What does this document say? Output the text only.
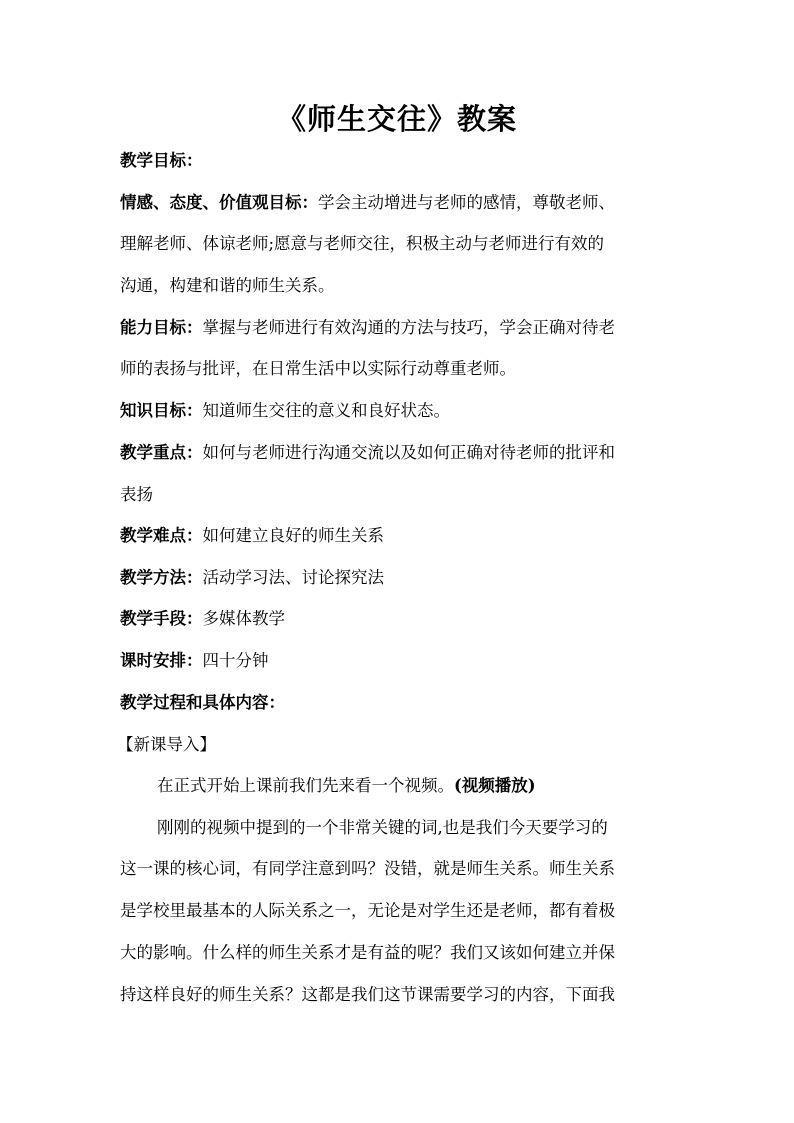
《师生交往》教案
教学目标：
情感、态度、价值观目标：学会主动增进与老师的感情，尊敬老师、
理解老师、体谅老师;愿意与老师交往，积极主动与老师进行有效的
沟通，构建和谐的师生关系。
能力目标：掌握与老师进行有效沟通的方法与技巧，学会正确对待老
师的表扬与批评，在日常生活中以实际行动尊重老师。
知识目标：知道师生交往的意义和良好状态。
教学重点：如何与老师进行沟通交流以及如何正确对待老师的批评和
表扬
教学难点：如何建立良好的师生关系
教学方法：活动学习法、讨论探究法
教学手段：多媒体教学
课时安排：四十分钟
教学过程和具体内容：
【新课导入】
在正式开始上课前我们先来看一个视频。(视频播放)
刚刚的视频中提到的一个非常关键的词,也是我们今天要学习的
这一课的核心词，有同学注意到吗？没错，就是师生关系。师生关系
是学校里最基本的人际关系之一，无论是对学生还是老师，都有着极
大的影响。什么样的师生关系才是有益的呢？我们又该如何建立并保
持这样良好的师生关系？这都是我们这节课需要学习的内容，下面我
